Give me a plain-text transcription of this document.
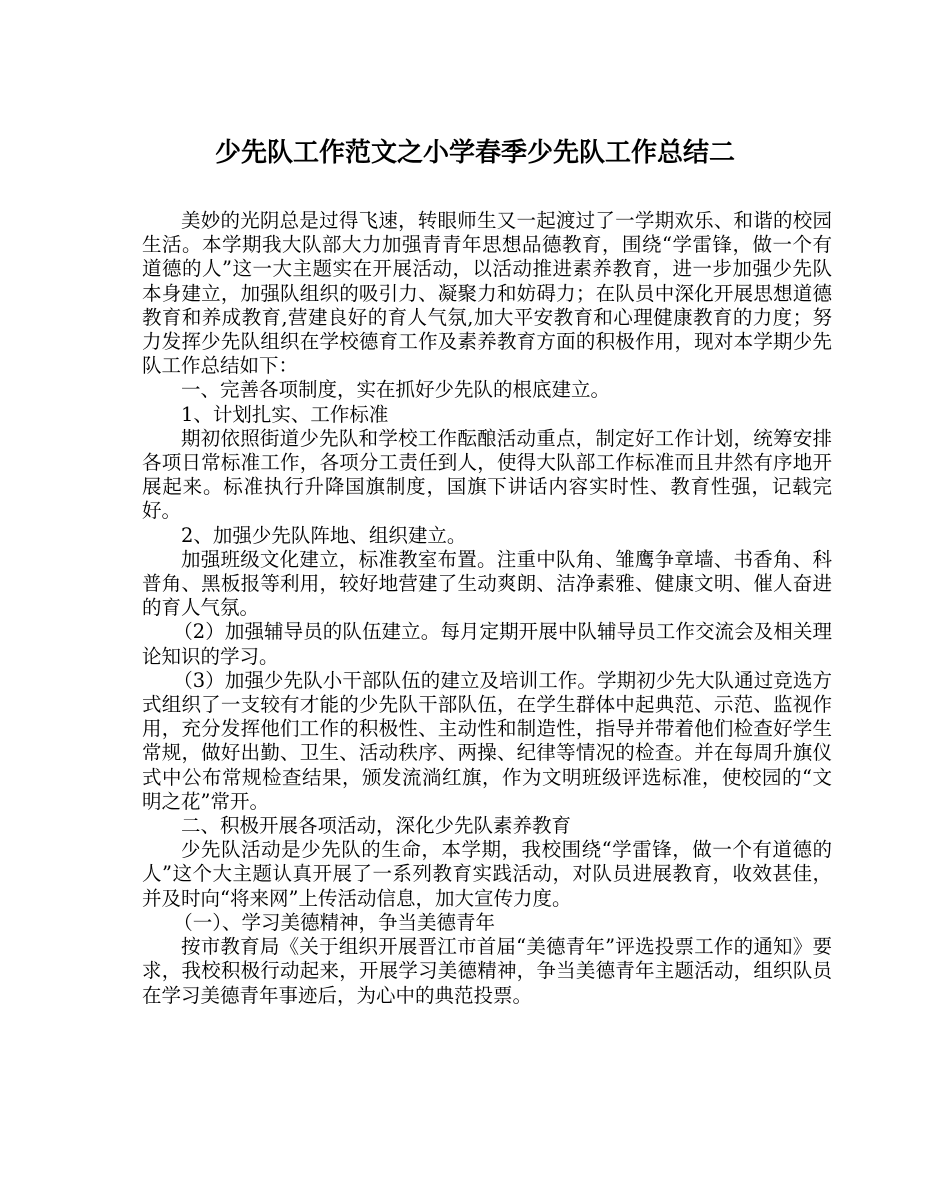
少先队工作范文之小学春季少先队工作总结二

美妙的光阴总是过得飞速，转眼师生又一起渡过了一学期欢乐、和谐的校园生活。本学期我大队部大力加强青青年思想品德教育，围绕“学雷锋，做一个有道德的人”这一大主题实在开展活动，以活动推进素养教育，进一步加强少先队本身建立，加强队组织的吸引力、凝聚力和妨碍力；在队员中深化开展思想道德教育和养成教育,营建良好的育人气氛,加大平安教育和心理健康教育的力度；努力发挥少先队组织在学校德育工作及素养教育方面的积极作用，现对本学期少先队工作总结如下：

一、完善各项制度，实在抓好少先队的根底建立。

1、计划扎实、工作标准

期初依照街道少先队和学校工作酝酿活动重点，制定好工作计划，统筹安排各项日常标准工作，各项分工责任到人，使得大队部工作标准而且井然有序地开展起来。标准执行升降国旗制度，国旗下讲话内容实时性、教育性强，记载完好。

2、加强少先队阵地、组织建立。

加强班级文化建立，标准教室布置。注重中队角、雏鹰争章墙、书香角、科普角、黑板报等利用，较好地营建了生动爽朗、洁净素雅、健康文明、催人奋进的育人气氛。

（2）加强辅导员的队伍建立。每月定期开展中队辅导员工作交流会及相关理论知识的学习。

（3）加强少先队小干部队伍的建立及培训工作。学期初少先大队通过竞选方式组织了一支较有才能的少先队干部队伍，在学生群体中起典范、示范、监视作用，充分发挥他们工作的积极性、主动性和制造性，指导并带着他们检查好学生常规，做好出勤、卫生、活动秩序、两操、纪律等情况的检查。并在每周升旗仪式中公布常规检查结果，颁发流淌红旗，作为文明班级评选标准，使校园的“文明之花”常开。

二、积极开展各项活动，深化少先队素养教育

少先队活动是少先队的生命，本学期，我校围绕“学雷锋，做一个有道德的人”这个大主题认真开展了一系列教育实践活动，对队员进展教育，收效甚佳，并及时向“将来网”上传活动信息，加大宣传力度。

（一）、学习美德精神，争当美德青年

按市教育局《关于组织开展晋江市首届“美德青年”评选投票工作的通知》要求，我校积极行动起来，开展学习美德精神，争当美德青年主题活动，组织队员在学习美德青年事迹后，为心中的典范投票。
